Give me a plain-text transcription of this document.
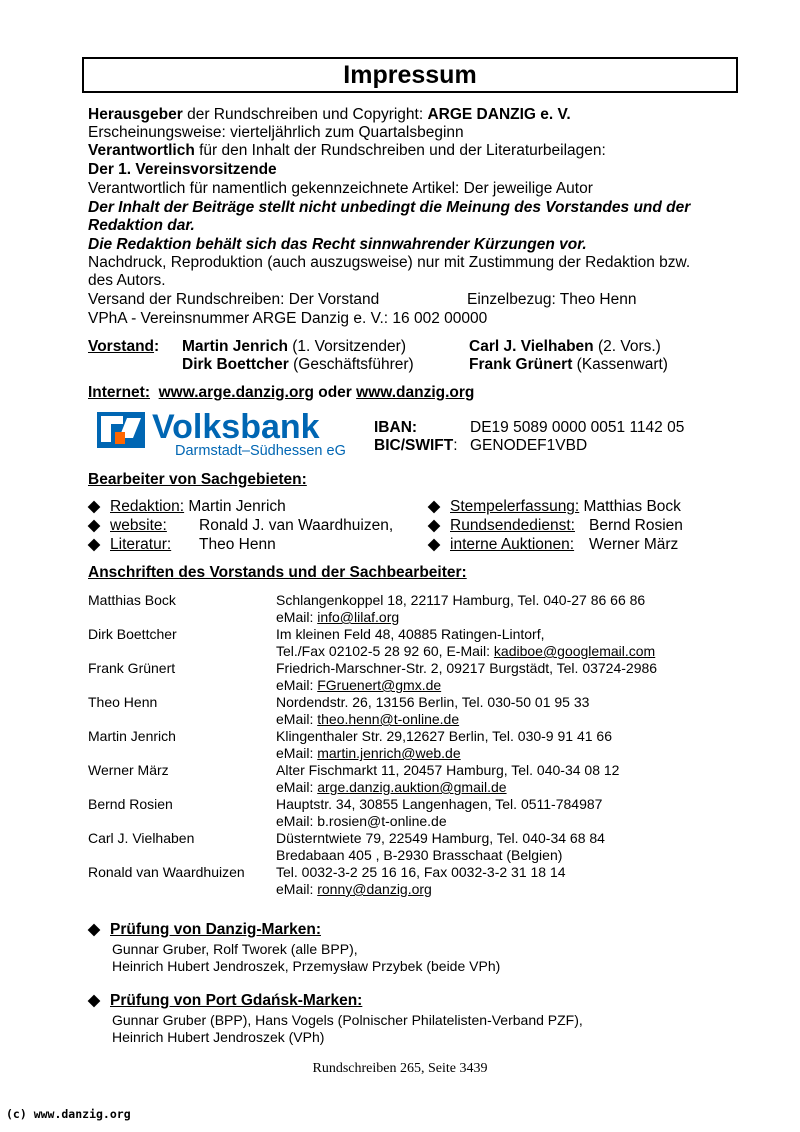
Impressum
Herausgeber der Rundschreiben und Copyright: ARGE DANZIG e. V.
Erscheinungsweise: vierteljährlich zum Quartalsbeginn
Verantwortlich für den Inhalt der Rundschreiben und der Literaturbeilagen:
Der 1. Vereinsvorsitzende
Verantwortlich für namentlich gekennzeichnete Artikel: Der jeweilige Autor
Der Inhalt der Beiträge stellt nicht unbedingt die Meinung des Vorstandes und der
Redaktion dar.
Die Redaktion behält sich das Recht sinnwahrender Kürzungen vor.
Nachdruck, Reproduktion (auch auszugsweise) nur mit Zustimmung der Redaktion bzw.
des Autors.
Versand der Rundschreiben: Der Vorstand	Einzelbezug: Theo Henn
VPhA - Vereinsnummer ARGE Danzig e. V.: 16 002 00000
Vorstand: Martin Jenrich (1. Vorsitzender)	Carl J. Vielhaben (2. Vors.)
Dirk Boettcher (Geschäftsführer)	Frank Grünert (Kassenwart)
Internet: www.arge.danzig.org oder www.danzig.org
Volksbank
Darmstadt–Südhessen eG
IBAN:	DE19 5089 0000 0051 1142 05
BIC/SWIFT: GENODEF1VBD
Bearbeiter von Sachgebieten:
Redaktion: Martin Jenrich
website: Ronald J. van Waardhuizen,
Literatur: Theo Henn
Stempelerfassung: Matthias Bock
Rundsendedienst: Bernd Rosien
interne Auktionen: Werner März
Anschriften des Vorstands und der Sachbearbeiter:
Matthias Bock	Schlangenkoppel 18, 22117 Hamburg, Tel. 040-27 86 66 86
eMail: info@lilaf.org
Dirk Boettcher	Im kleinen Feld 48, 40885 Ratingen-Lintorf,
Tel./Fax 02102-5 28 92 60, E-Mail: kadiboe@googlemail.com
Frank Grünert	Friedrich-Marschner-Str. 2, 09217 Burgstädt, Tel. 03724-2986
eMail: FGruenert@gmx.de
Theo Henn	Nordendstr. 26, 13156 Berlin, Tel. 030-50 01 95 33
eMail: theo.henn@t-online.de
Martin Jenrich	Klingenthaler Str. 29,12627 Berlin, Tel. 030-9 91 41 66
eMail: martin.jenrich@web.de
Werner März	Alter Fischmarkt 11, 20457 Hamburg, Tel. 040-34 08 12
eMail: arge.danzig.auktion@gmail.de
Bernd Rosien	Hauptstr. 34, 30855 Langenhagen, Tel. 0511-784987
eMail: b.rosien@t-online.de
Carl J. Vielhaben	Düsterntwiete 79, 22549 Hamburg, Tel. 040-34 68 84
Bredabaan 405 , B-2930 Brasschaat (Belgien)
Ronald van Waardhuizen Tel. 0032-3-2 25 16 16, Fax 0032-3-2 31 18 14
eMail: ronny@danzig.org
Prüfung von Danzig-Marken:
Gunnar Gruber, Rolf Tworek (alle BPP),
Heinrich Hubert Jendroszek, Przemysław Przybek (beide VPh)
Prüfung von Port Gdańsk-Marken:
Gunnar Gruber (BPP), Hans Vogels (Polnischer Philatelisten-Verband PZF),
Heinrich Hubert Jendroszek (VPh)
Rundschreiben 265, Seite 3439
(c) www.danzig.org
